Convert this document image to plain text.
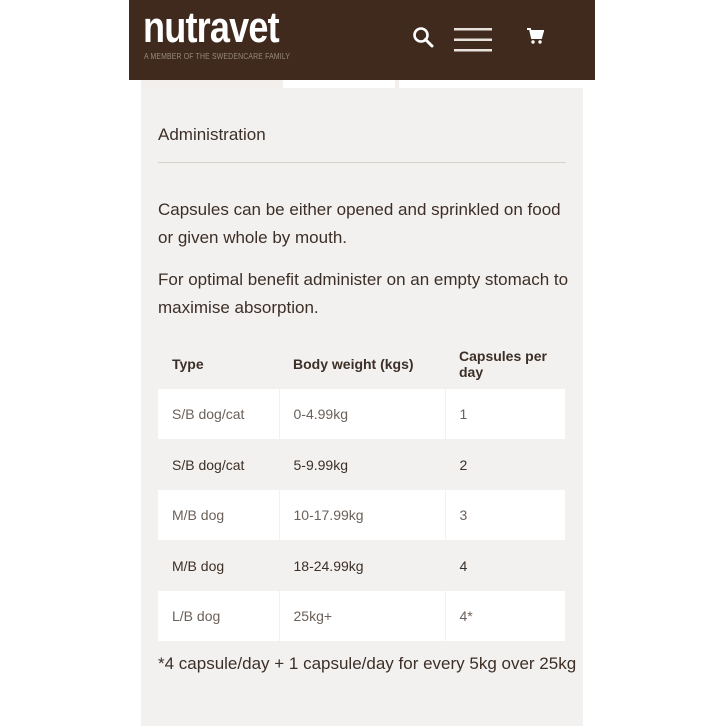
nutravet
A MEMBER OF THE SWEDENCARE FAMILY
Administration
Capsules can be either opened and sprinkled on food or given whole by mouth.
For optimal benefit administer on an empty stomach to maximise absorption.
Type	Body weight (kgs)	Capsules per day
S/B dog/cat	0-4.99kg	1
S/B dog/cat	5-9.99kg	2
M/B dog	10-17.99kg	3
M/B dog	18-24.99kg	4
L/B dog	25kg+	4*
*4 capsule/day + 1 capsule/day for every 5kg over 25kg
